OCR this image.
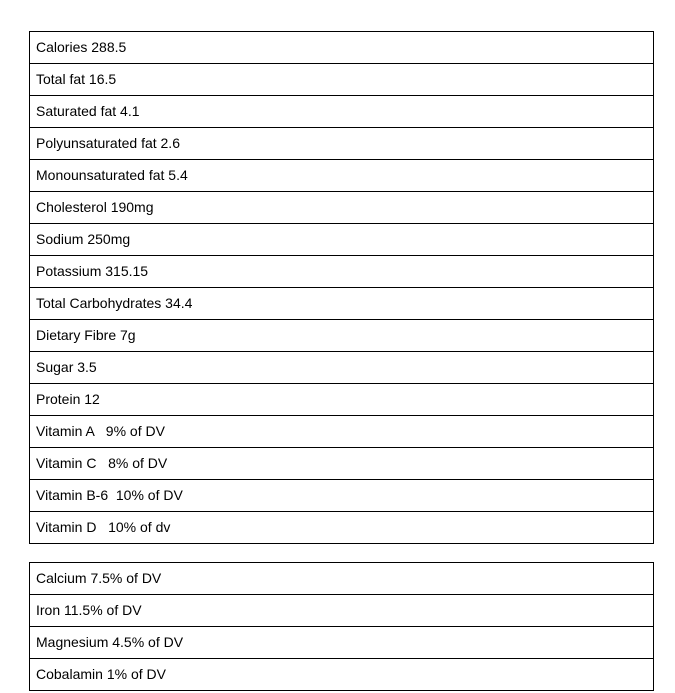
Calories 288.5
Total fat 16.5
Saturated fat 4.1
Polyunsaturated fat 2.6
Monounsaturated fat 5.4
Cholesterol 190mg
Sodium 250mg
Potassium 315.15
Total Carbohydrates 34.4
Dietary Fibre 7g
Sugar 3.5
Protein 12
Vitamin A   9% of DV
Vitamin C   8% of DV
Vitamin B-6  10% of DV
Vitamin D   10% of dv
Calcium 7.5% of DV
Iron 11.5% of DV
Magnesium 4.5% of DV
Cobalamin 1% of DV
